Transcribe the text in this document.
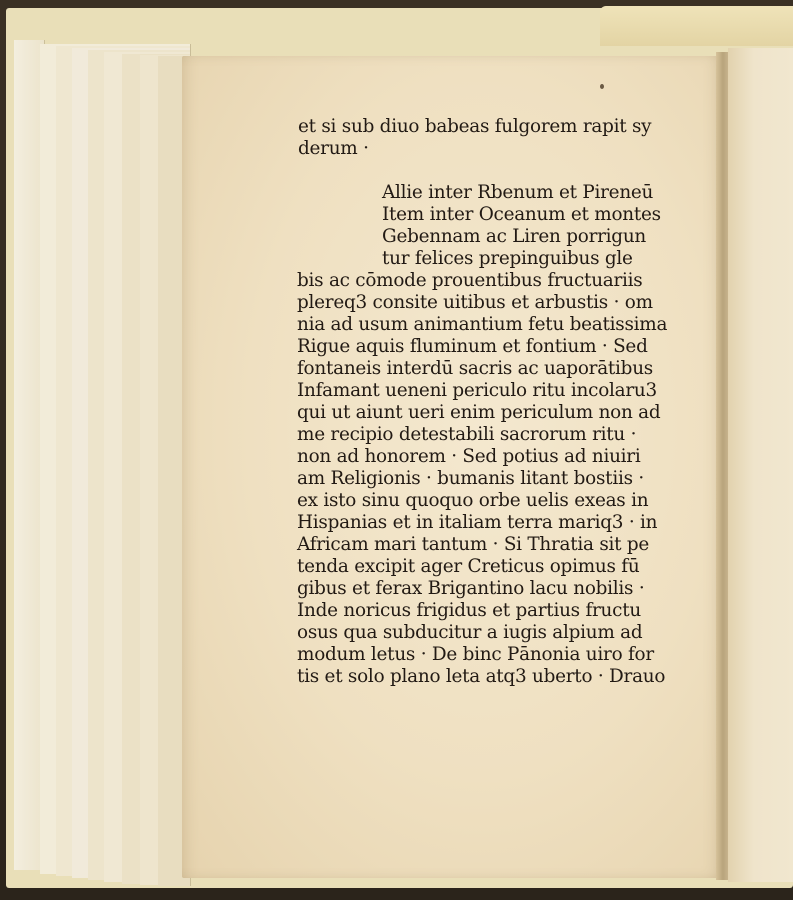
et si sub diuo babeas fulgorem rapit sy

derum ·

Allie inter Rbenum et Pireneū

Item inter Oceanum et montes

Gebennam ac Liren porrigun

tur felices prepinguibus gle

bis ac cōmode prouentibus fructuariis

plereq3 consite uitibus et arbustis · om

nia ad usum animantium fetu beatissima

Rigue aquis fluminum et fontium · Sed

fontaneis interdū sacris ac uaporātibus

Infamant ueneni periculo ritu incolaru3

qui ut aiunt ueri enim periculum non ad

me recipio detestabili sacrorum ritu ·

non ad honorem · Sed potius ad niuiri

am Religionis · bumanis litant bostiis ·

ex isto sinu quoquo orbe uelis exeas in

Hispanias et in italiam terra mariq3 · in

Africam mari tantum · Si Thratia sit pe

tenda excipit ager Creticus opimus fū

gibus et ferax Brigantino lacu nobilis ·

Inde noricus frigidus et partius fructu

osus qua subducitur a iugis alpium ad

modum letus · De binc Pānonia uiro for

tis et solo plano leta atq3 uberto · Drauo
